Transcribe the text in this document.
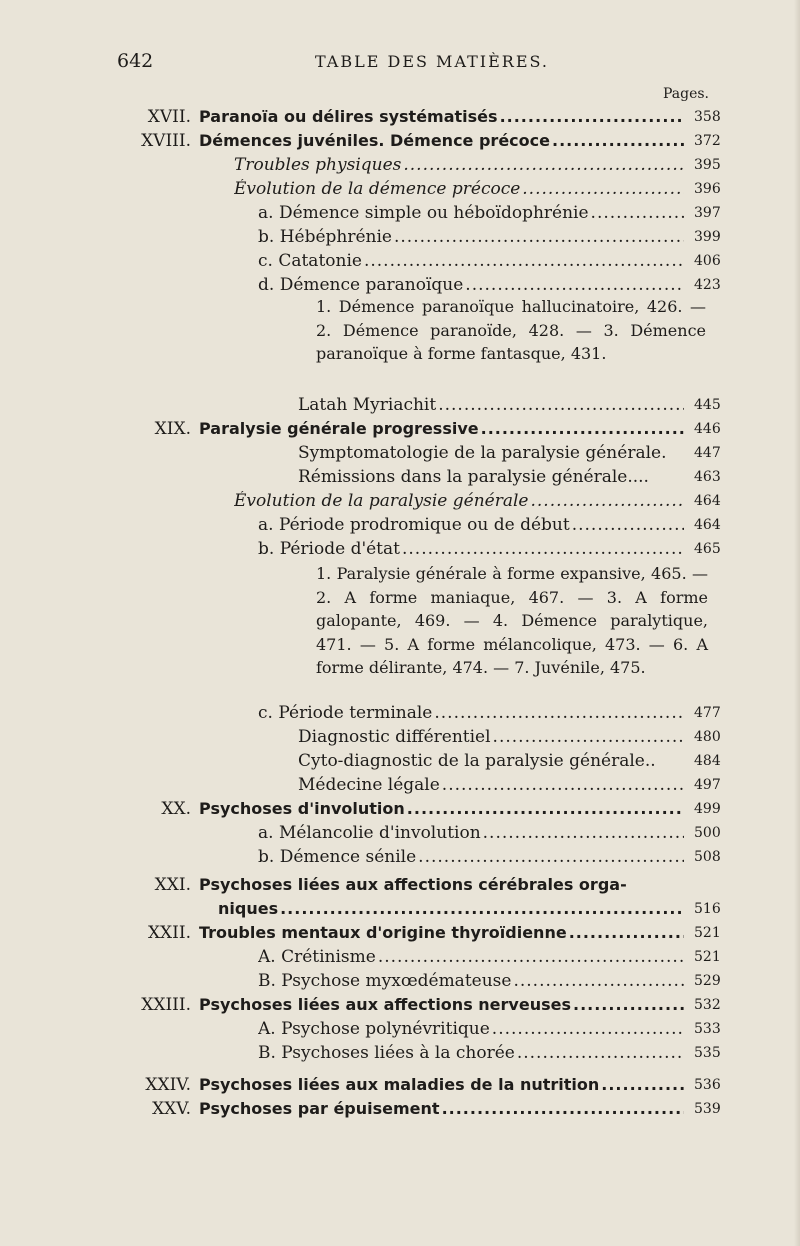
642	TABLE DES MATIÈRES.
Pages.
XVII. Paranoïa ou délires systématisés .....	358
XVIII. Démences juvéniles. Démence précoce .....	372
Troubles physiques .....	395
Évolution de la démence précoce .....	396
a. Démence simple ou héboïdophrénie .....	397
b. Hébéphrénie .....	399
c. Catatonie .....	406
d. Démence paranoïque .....	423
1. Démence paranoïque hallucinatoire, 426. — 2. Démence paranoïde, 428. — 3. Démence paranoïque à forme fantasque, 431.
Latah Myriachit .....	445
XIX. Paralysie générale progressive .....	446
Symptomatologie de la paralysie générale. 447
Rémissions dans la paralysie générale....	463
Évolution de la paralysie générale .....	464
a. Période prodromique ou de début .....	464
b. Période d'état .....	465
1. Paralysie générale à forme expansive, 465. — 2. A forme maniaque, 467. — 3. A forme galopante, 469. — 4. Démence paralytique, 471. — 5. A forme mélancolique, 473. — 6. A forme délirante, 474. — 7. Juvénile, 475.
c. Période terminale .....	477
Diagnostic différentiel .....	480
Cyto-diagnostic de la paralysie générale..	484
Médecine légale .....	497
XX. Psychoses d'involution .....	499
a. Mélancolie d'involution .....	500
b. Démence sénile .....	508
XXI. Psychoses liées aux affections cérébrales orga-
niques .....	516
XXII. Troubles mentaux d'origine thyroïdienne .....	521
A. Crétinisme .....	521
B. Psychose myxœdémateuse .....	529
XXIII. Psychoses liées aux affections nerveuses .....	532
A. Psychose polynévritique .....	533
B. Psychoses liées à la chorée .....	535
XXIV. Psychoses liées aux maladies de la nutrition .....	536
XXV. Psychoses par épuisement .....	539
